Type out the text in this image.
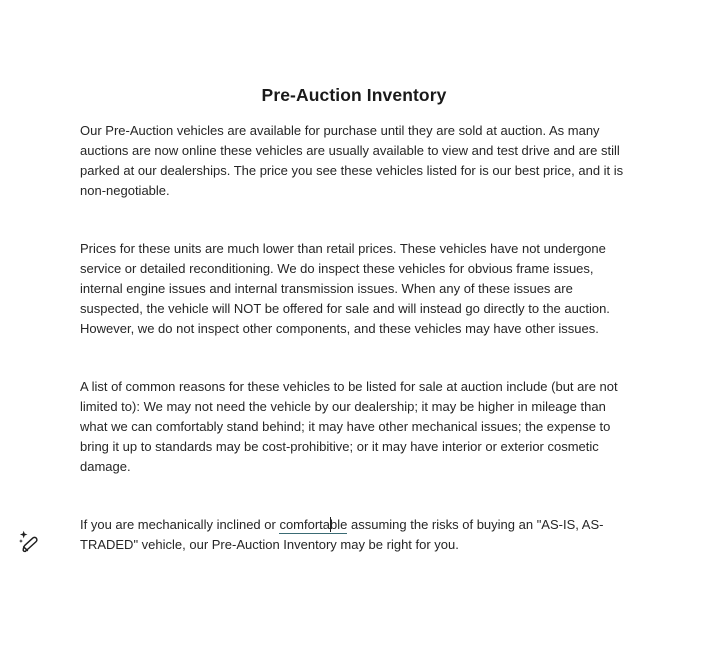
Pre-Auction Inventory

Our Pre-Auction vehicles are available for purchase until they are sold at auction. As many auctions are now online these vehicles are usually available to view and test drive and are still parked at our dealerships. The price you see these vehicles listed for is our best price, and it is non-negotiable.

Prices for these units are much lower than retail prices. These vehicles have not undergone service or detailed reconditioning. We do inspect these vehicles for obvious frame issues, internal engine issues and internal transmission issues. When any of these issues are suspected, the vehicle will NOT be offered for sale and will instead go directly to the auction. However, we do not inspect other components, and these vehicles may have other issues.

A list of common reasons for these vehicles to be listed for sale at auction include (but are not limited to): We may not need the vehicle by our dealership; it may be higher in mileage than what we can comfortably stand behind; it may have other mechanical issues; the expense to bring it up to standards may be cost-prohibitive; or it may have interior or exterior cosmetic damage.

If you are mechanically inclined or comfortable assuming the risks of buying an "AS-IS, AS-TRADED" vehicle, our Pre-Auction Inventory may be right for you.
